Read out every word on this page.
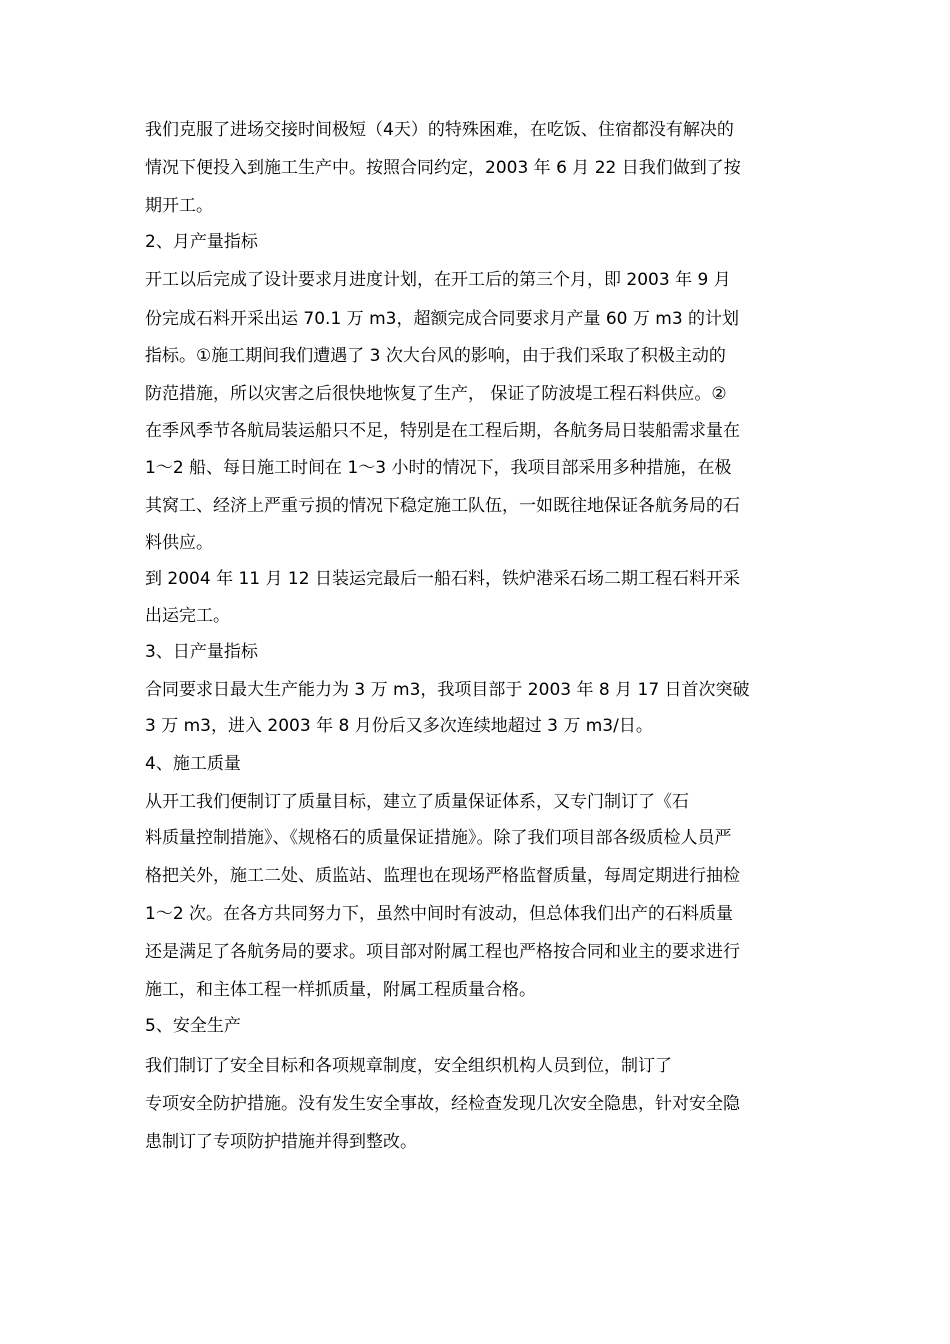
我们克服了进场交接时间极短（4天）的特殊困难，在吃饭、住宿都没有解决的
情况下便投入到施工生产中。按照合同约定，2003 年 6 月 22 日我们做到了按
期开工。
2、月产量指标
开工以后完成了设计要求月进度计划，在开工后的第三个月，即 2003 年 9 月
份完成石料开采出运 70.1 万 m3，超额完成合同要求月产量 60 万 m3 的计划
指标。①施工期间我们遭遇了 3 次大台风的影响，由于我们采取了积极主动的
防范措施，所以灾害之后很快地恢复了生产， 保证了防波堤工程石料供应。②
在季风季节各航局装运船只不足，特别是在工程后期，各航务局日装船需求量在
1～2 船、每日施工时间在 1～3 小时的情况下，我项目部采用多种措施，在极
其窝工、经济上严重亏损的情况下稳定施工队伍，一如既往地保证各航务局的石
料供应。
到 2004 年 11 月 12 日装运完最后一船石料，铁炉港采石场二期工程石料开采
出运完工。
3、日产量指标
合同要求日最大生产能力为 3 万 m3，我项目部于 2003 年 8 月 17 日首次突破
3 万 m3，进入 2003 年 8 月份后又多次连续地超过 3 万 m3/日。
4、施工质量
从开工我们便制订了质量目标，建立了质量保证体系，又专门制订了《石
料质量控制措施》、《规格石的质量保证措施》。除了我们项目部各级质检人员严
格把关外，施工二处、质监站、监理也在现场严格监督质量，每周定期进行抽检
1～2 次。在各方共同努力下，虽然中间时有波动，但总体我们出产的石料质量
还是满足了各航务局的要求。项目部对附属工程也严格按合同和业主的要求进行
施工，和主体工程一样抓质量，附属工程质量合格。
5、安全生产
我们制订了安全目标和各项规章制度，安全组织机构人员到位，制订了
专项安全防护措施。没有发生安全事故，经检查发现几次安全隐患，针对安全隐
患制订了专项防护措施并得到整改。
